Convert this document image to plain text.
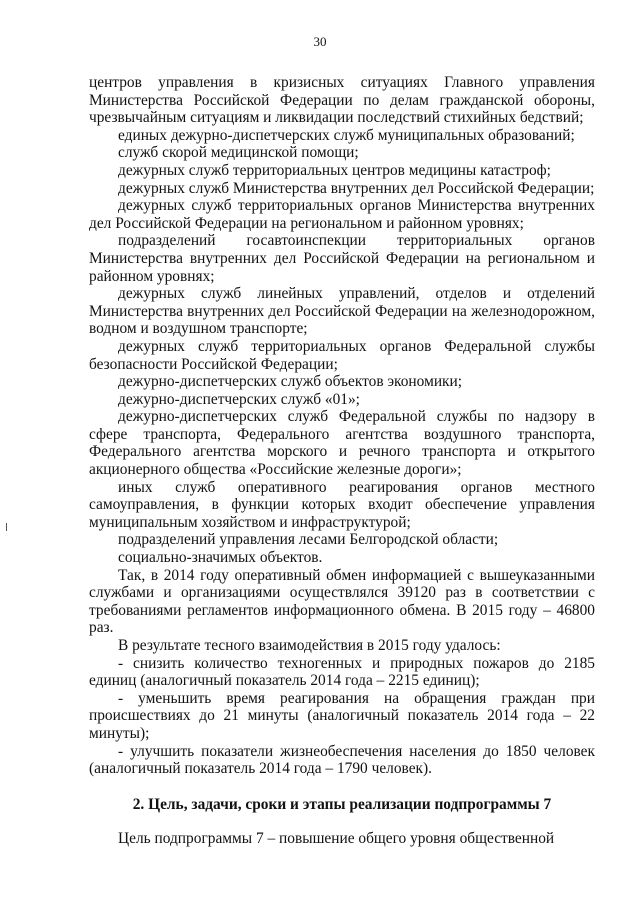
30

центров управления в кризисных ситуациях Главного управления Министерства Российской Федерации по делам гражданской обороны, чрезвычайным ситуациям и ликвидации последствий стихийных бедствий;

единых дежурно-диспетчерских служб муниципальных образований;

служб скорой медицинской помощи;

дежурных служб территориальных центров медицины катастроф;

дежурных служб Министерства внутренних дел Российской Федерации;

дежурных служб территориальных органов Министерства внутренних дел Российской Федерации на региональном и районном уровнях;

подразделений госавтоинспекции территориальных органов Министерства внутренних дел Российской Федерации на региональном и районном уровнях;

дежурных служб линейных управлений, отделов и отделений Министерства внутренних дел Российской Федерации на железнодорожном, водном и воздушном транспорте;

дежурных служб территориальных органов Федеральной службы безопасности Российской Федерации;

дежурно-диспетчерских служб объектов экономики;

дежурно-диспетчерских служб «01»;

дежурно-диспетчерских служб Федеральной службы по надзору в сфере транспорта, Федерального агентства воздушного транспорта, Федерального агентства морского и речного транспорта и открытого акционерного общества «Российские железные дороги»;

иных служб оперативного реагирования органов местного самоуправления, в функции которых входит обеспечение управления муниципальным хозяйством и инфраструктурой;

подразделений управления лесами Белгородской области;

социально-значимых объектов.

Так, в 2014 году оперативный обмен информацией с вышеуказанными службами и организациями осуществлялся 39120 раз в соответствии с требованиями регламентов информационного обмена. В 2015 году – 46800 раз.

В результате тесного взаимодействия в 2015 году удалось:

- снизить количество техногенных и природных пожаров до 2185 единиц (аналогичный показатель 2014 года – 2215 единиц);

- уменьшить время реагирования на обращения граждан при происшествиях до 21 минуты (аналогичный показатель 2014 года – 22 минуты);

- улучшить показатели жизнеобеспечения населения до 1850 человек (аналогичный показатель 2014 года – 1790 человек).

2. Цель, задачи, сроки и этапы реализации подпрограммы 7

Цель подпрограммы 7 – повышение общего уровня общественной
